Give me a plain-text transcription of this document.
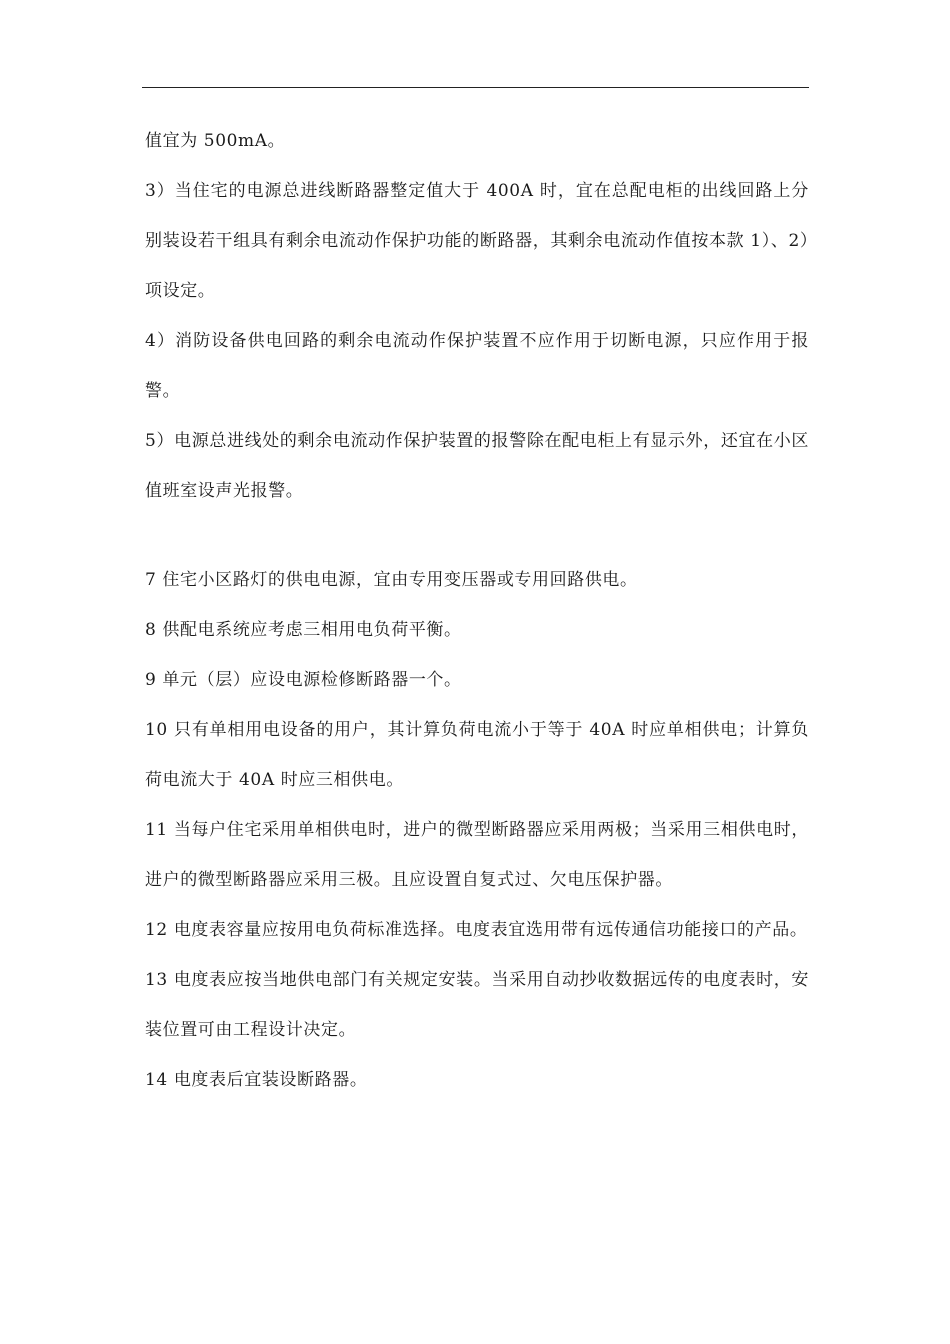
值宜为 500mA。

3）当住宅的电源总进线断路器整定值大于 400A 时，宜在总配电柜的出线回路上分别装设若干组具有剩余电流动作保护功能的断路器，其剩余电流动作值按本款 1）、2）项设定。

4）消防设备供电回路的剩余电流动作保护装置不应作用于切断电源，只应作用于报警。

5）电源总进线处的剩余电流动作保护装置的报警除在配电柜上有显示外，还宜在小区值班室设声光报警。

7 住宅小区路灯的供电电源，宜由专用变压器或专用回路供电。

8 供配电系统应考虑三相用电负荷平衡。

9 单元（层）应设电源检修断路器一个。

10 只有单相用电设备的用户，其计算负荷电流小于等于 40A 时应单相供电；计算负荷电流大于 40A 时应三相供电。

11 当每户住宅采用单相供电时，进户的微型断路器应采用两极；当采用三相供电时，进户的微型断路器应采用三极。且应设置自复式过、欠电压保护器。

12 电度表容量应按用电负荷标准选择。电度表宜选用带有远传通信功能接口的产品。

13 电度表应按当地供电部门有关规定安装。当采用自动抄收数据远传的电度表时，安装位置可由工程设计决定。

14 电度表后宜装设断路器。
